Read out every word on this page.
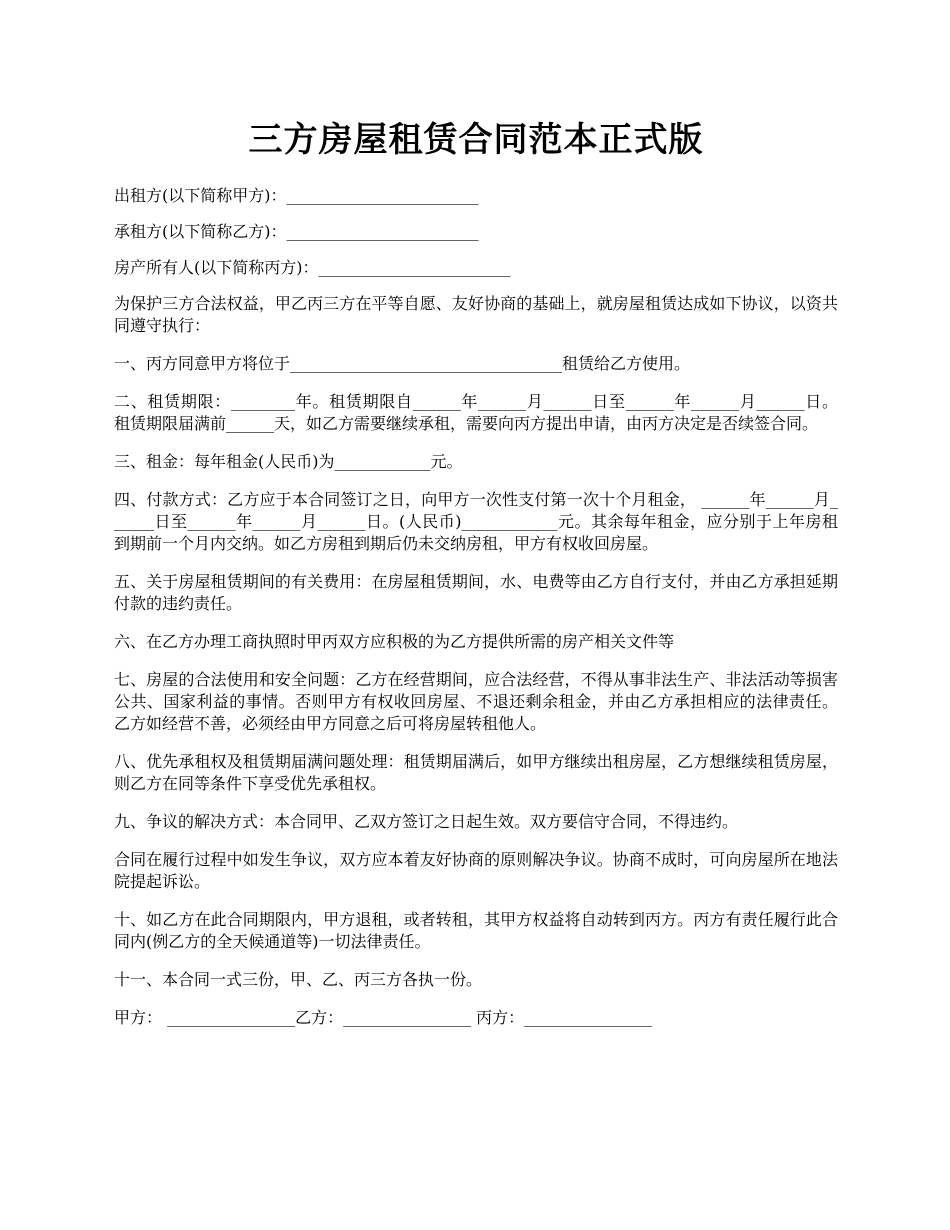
三方房屋租赁合同范本正式版

出租方(以下简称甲方)：________________________

承租方(以下简称乙方)：________________________

房产所有人(以下简称丙方)：________________________

为保护三方合法权益，甲乙丙三方在平等自愿、友好协商的基础上，就房屋租赁达成如下协议，以资共同遵守执行：

一、丙方同意甲方将位于__________________________________租赁给乙方使用。

二、租赁期限：________年。租赁期限自______年______月______日至______年______月______日。 租赁期限届满前______天，如乙方需要继续承租，需要向丙方提出申请，由丙方决定是否续签合同。

三、租金：每年租金(人民币)为____________元。

四、付款方式：乙方应于本合同签订之日，向甲方一次性支付第一次十个月租金， ______年______月______日至______年______月______日。(人民币)____________元。其余每年租金，应分别于上年房租到期前一个月内交纳。如乙方房租到期后仍未交纳房租，甲方有权收回房屋。

五、关于房屋租赁期间的有关费用：在房屋租赁期间，水、电费等由乙方自行支付，并由乙方承担延期付款的违约责任。

六、在乙方办理工商执照时甲丙双方应积极的为乙方提供所需的房产相关文件等

七、房屋的合法使用和安全问题：乙方在经营期间，应合法经营，不得从事非法生产、非法活动等损害公共、国家利益的事情。否则甲方有权收回房屋、不退还剩余租金，并由乙方承担相应的法律责任。 乙方如经营不善，必须经由甲方同意之后可将房屋转租他人。

八、优先承租权及租赁期届满问题处理：租赁期届满后，如甲方继续出租房屋，乙方想继续租赁房屋，则乙方在同等条件下享受优先承租权。

九、争议的解决方式：本合同甲、乙双方签订之日起生效。双方要信守合同，不得违约。

合同在履行过程中如发生争议，双方应本着友好协商的原则解决争议。协商不成时，可向房屋所在地法院提起诉讼。

十、如乙方在此合同期限内，甲方退租，或者转租，其甲方权益将自动转到丙方。丙方有责任履行此合同内(例乙方的全天候通道等)一切法律责任。

十一、本合同一式三份，甲、乙、丙三方各执一份。

甲方： ________________乙方：________________ 丙方：________________
